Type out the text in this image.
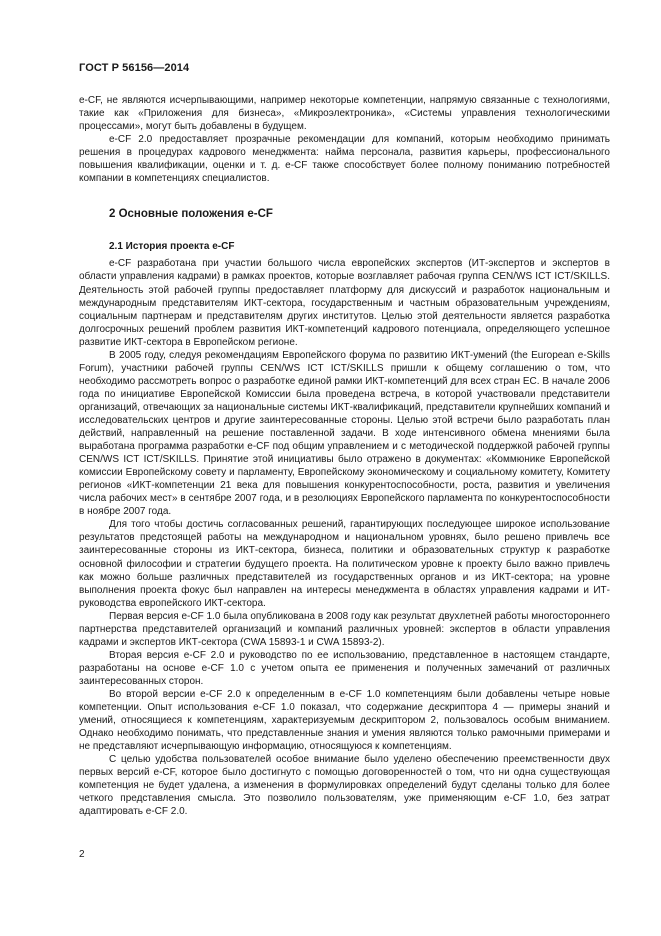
ГОСТ Р 56156—2014

e-CF, не являются исчерпывающими, например некоторые компетенции, напрямую связанные с технологиями, такие как «Приложения для бизнеса», «Микроэлектроника», «Системы управления технологическими процессами», могут быть добавлены в будущем.

e-CF 2.0 предоставляет прозрачные рекомендации для компаний, которым необходимо принимать решения в процедурах кадрового менеджмента: найма персонала, развития карьеры, профессионального повышения квалификации, оценки и т. д. e-CF также способствует более полному пониманию потребностей компании в компетенциях специалистов.

2 Основные положения e-CF
2.1 История проекта e-CF

e-CF разработана при участии большого числа европейских экспертов (ИТ-экспертов и экспертов в области управления кадрами) в рамках проектов, которые возглавляет рабочая группа CEN/WS ICT ICT/SKILLS. Деятельность этой рабочей группы предоставляет платформу для дискуссий и разработок национальным и международным представителям ИКТ-сектора, государственным и частным образовательным учреждениям, социальным партнерам и представителям других институтов. Целью этой деятельности является разработка долгосрочных решений проблем развития ИКТ-компетенций кадрового потенциала, определяющего успешное развитие ИКТ-сектора в Европейском регионе.

В 2005 году, следуя рекомендациям Европейского форума по развитию ИКТ-умений (the European e-Skills Forum), участники рабочей группы CEN/WS ICT ICT/SKILLS пришли к общему соглашению о том, что необходимо рассмотреть вопрос о разработке единой рамки ИКТ-компетенций для всех стран ЕС. В начале 2006 года по инициативе Европейской Комиссии была проведена встреча, в которой участвовали представители организаций, отвечающих за национальные системы ИКТ-квалификаций, представители крупнейших компаний и исследовательских центров и другие заинтересованные стороны. Целью этой встречи было разработать план действий, направленный на решение поставленной задачи. В ходе интенсивного обмена мнениями была выработана программа разработки e-CF под общим управлением и с методической поддержкой рабочей группы CEN/WS ICT ICT/SKILLS. Принятие этой инициативы было отражено в документах: «Коммюнике Европейской комиссии Европейскому совету и парламенту, Европейскому экономическому и социальному комитету, Комитету регионов «ИКТ-компетенции 21 века для повышения конкурентоспособности, роста, развития и увеличения числа рабочих мест» в сентябре 2007 года, и в резолюциях Европейского парламента по конкурентоспособности в ноябре 2007 года.

Для того чтобы достичь согласованных решений, гарантирующих последующее широкое использование результатов предстоящей работы на международном и национальном уровнях, было решено привлечь все заинтересованные стороны из ИКТ-сектора, бизнеса, политики и образовательных структур к разработке основной философии и стратегии будущего проекта. На политическом уровне к проекту было важно привлечь как можно больше различных представителей из государственных органов и из ИКТ-сектора; на уровне выполнения проекта фокус был направлен на интересы менеджмента в областях управления кадрами и ИТ-руководства европейского ИКТ-сектора.

Первая версия e-CF 1.0 была опубликована в 2008 году как результат двухлетней работы многостороннего партнерства представителей организаций и компаний различных уровней: экспертов в области управления кадрами и экспертов ИКТ-сектора (CWA 15893-1 и CWA 15893-2).

Вторая версия e-CF 2.0 и руководство по ее использованию, представленное в настоящем стандарте, разработаны на основе e-CF 1.0 с учетом опыта ее применения и полученных замечаний от различных заинтересованных сторон.

Во второй версии e-CF 2.0 к определенным в e-CF 1.0 компетенциям были добавлены четыре новые компетенции. Опыт использования e-CF 1.0 показал, что содержание дескриптора 4 — примеры знаний и умений, относящиеся к компетенциям, характеризуемым дескриптором 2, пользовалось особым вниманием. Однако необходимо понимать, что представленные знания и умения являются только рамочными примерами и не представляют исчерпывающую информацию, относящуюся к компетенциям.

С целью удобства пользователей особое внимание было уделено обеспечению преемственности двух первых версий e-CF, которое было достигнуто с помощью договоренностей о том, что ни одна существующая компетенция не будет удалена, а изменения в формулировках определений будут сделаны только для более четкого представления смысла. Это позволило пользователям, уже применяющим e-CF 1.0, без затрат адаптировать e-CF 2.0.

2
